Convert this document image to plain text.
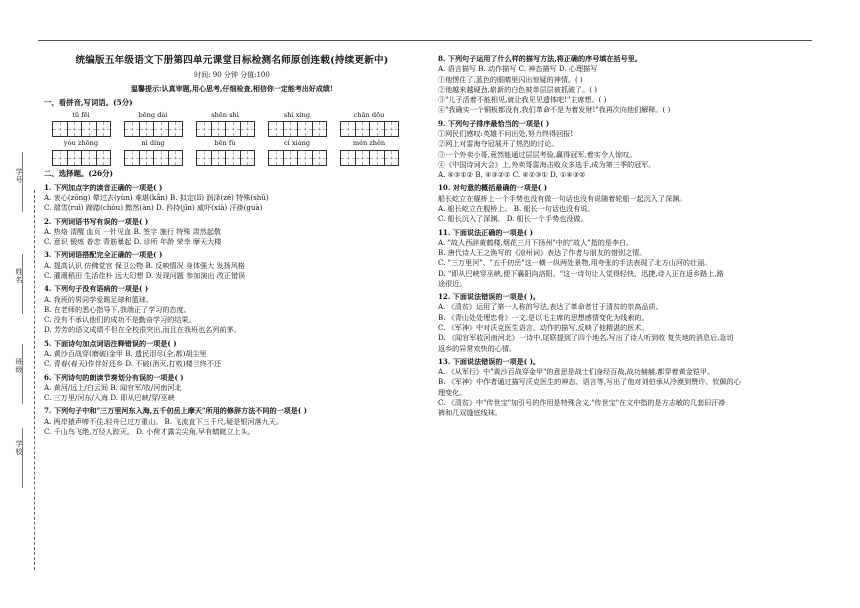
学号
姓名
班级
学校
统编版五年级语文下册第四单元课堂目标检测名师原创连载(持续更新中)
时间: 90 分钟 分值:100
温馨提示:认真审题,用心思考,仔细检查,相信你一定能考出好成绩!
一、看拼音,写词语。(5分)
tū fēi	bēng dài	shēn shì	shí xíng	chān dōu
yóu zhōng	nì díng	bēn fù	cí xiáng	mén zhěn
二、选择题。(26分)
1. 下列加点字的读音正确的一项是( )
A. 衷心(zōng) 晕过去(yùn) 难堪(kān) B. 拟定(lǐ) 润泽(zé) 特殊(shū)
C. 瑞雪(ruì) 蹄踏(chòu) 黯然(àn) D. 矜持(jīn) 威吓(xià) 汗褂(guà)
2. 下列词语书写有误的一项是( )
A. 热烙 清醒 血页 一针见血 B. 签字 施行 特殊 肃然起敬
C. 意识 锻炼 眷恋 青筋暴起 D. 诊所 年龄 荣幸 摩天大楼
3. 下列词语搭配完全正确的一项是( )
A. 提高认识 仿佛觉官 保卫公物 B. 反映情况 身体强大 发扬风格
C. 灌溉稻田 生活佳朴 远大幻想 D. 发现问题 参加演出 改正错误
4. 下列句子没有语病的一项是( )
A. 我班的男同学爱踢足球和篮球。
B. 在老师的悉心指导下,我端正了学习的态度。
C. 没有不承认他们的成功不是勤奋学习的结果。
D. 芳芳的语文成绩不但在全校很突出,而且在我班也名列前茅。
5. 下面诗句加点词语注释错误的一项是( )
A. 黄沙百战穿(磨破)金甲 B. 遗民泪尽(全,都)胡尘里
C. 青春(春天)作伴好还乡 D. 不破(消灭,打败)楼兰终不还
6. 下列诗句的朗读节奏划分有误的一项是( )
A. 黄河/远上/白云间 B. 闻官军/收/河南河北
C. 三万里/河东/入海 D. 即从巴峡/穿/巫峡
7. 下列句子中和"三万里河东入海,五千仞岳上摩天"所用的修辞方法不同的一项是( )
A. 两岸猿声啼不住,轻舟已过万重山。 B. 飞流直下三千尺,疑是银河落九天。
C. 千山鸟飞绝,万径人踪灭。 D. 小荷才露尖尖角,早有蜻蜓立上头。
8. 下列句子运用了什么样的描写方法,将正确的序号填在括号里。
A. 语言描写 B. 动作描写 C. 神态描写 D. 心理描写
①他愣住了,蓝色的眼睛里闪出惊疑的神情。( )
②他越来越硬劲,崭新的白色被单层层被抓破了。( )
③"儿子活着不能相见,就让我见见遗体吧!"主席想。( )
④"我确实一个铜板都没有,我们革命不是为着发财!"我再次向他们解释。( )
9. 下列句子排序最恰当的一项是( )
①网民们感叹:英雄不问出处,努力终得回报!
②网上对雷海夺冠展开了热烈的讨论。
③一个外卖小哥,竟然能通过层层考验,赢得冠军,着实令人惊叹。
④《中国诗词大会》上,外卖哥雷海击败众多选手,成为第三季的冠军。
A. ④③①② B. ④③②① C. ④②③① D. ①④③②
10. 对句意的概括最确的一项是( )
船长屹立在舰桥上一个手势也没有做一句话也没有说随着轮船一起沉入了深渊。
A. 船长屹立在舰桥上。 B. 船长一句话也没有说。
C. 船长沉入了深渊。 D. 船长一个手势也没做。
11. 下面说法正确的一项是( )
A. "故人西辞黄鹤楼,烟花三月下扬州"中的"故人"指的是李白。
B. 唐代诗人王之涣写的《凉州词》表达了作者与朋友的惜别之情。
C. "三万里河"、"五千仞岳"这一横一纵两处景物,用夸张的手法表现了北方山河的壮丽。
D. "即从巴峡穿巫峡,便下襄阳向洛阳。"这一诗句让人觉得轻快、迅捷,诗人正在返乡路上,路
途很近。
12. 下面说法错误的一项是( )。
A. 《清贫》运用了第一人称的写法,表达了革命者甘于清贫的崇高品质。
B. 《青山处处埋忠骨》一文,是以毛主席的思想感情变化为线索的。
C. 《军神》中对沃克医生语言、动作的描写,反映了他精湛的医术。
D. 《闻官军收河南河北》一诗中,尾联提到了四个地名,写出了诗人听到收 复失地的消息后,急切
返乡的异常欢快的心情。
13. 下面说法错误的一项是( )。
A. 《从军行》中"黄沙百战穿金甲"的意思是战士们身经百战,战功赫赫,都穿着黄金铠甲。
B. 《军神》中作者通过描写沃克医生的神态、语言等,写出了他对刘伯承从冷漠到赞许、钦佩的心
理变化。
C. 《清贫》中"传世宝"加引号的作用是特殊含义,"传世宝"在文中指的是方志敏的几套旧汗褂
裤和几双缝底线袜。
